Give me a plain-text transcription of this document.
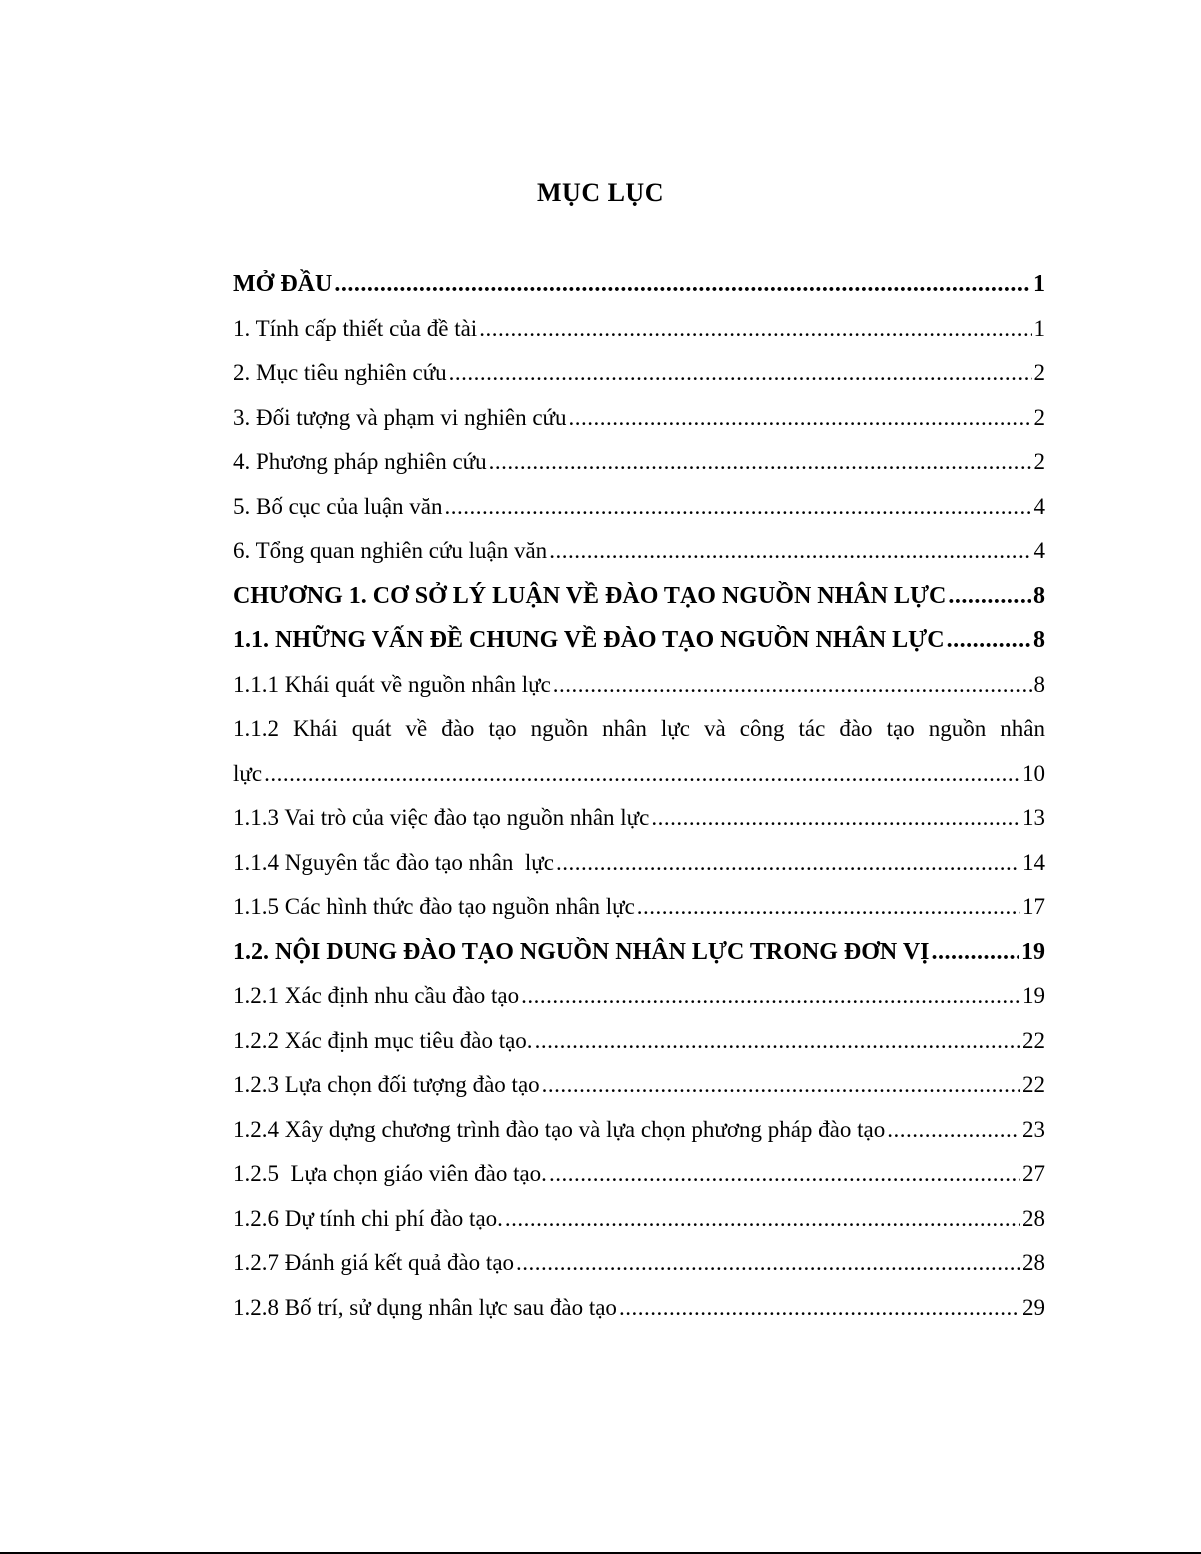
MỤC LỤC
MỞ ĐẦU .....	1
1. Tính cấp thiết của đề tài .....	1
2. Mục tiêu nghiên cứu .....	2
3. Đối tượng và phạm vi nghiên cứu .....	2
4. Phương pháp nghiên cứu .....	2
5. Bố cục của luận văn .....	4
6. Tổng quan nghiên cứu luận văn .....	4
CHƯƠNG 1. CƠ SỞ LÝ LUẬN VỀ ĐÀO TẠO NGUỒN NHÂN LỰC .....	8
1.1. NHỮNG VẤN ĐỀ CHUNG VỀ ĐÀO TẠO NGUỒN NHÂN LỰC .....	8
1.1.1 Khái quát về nguồn nhân lực .....	8
1.1.2 Khái quát về đào tạo nguồn nhân lực và công tác đào tạo nguồn nhân
lực .....	10
1.1.3 Vai trò của việc đào tạo nguồn nhân lực .....	13
1.1.4 Nguyên tắc đào tạo nhân  lực .....	14
1.1.5 Các hình thức đào tạo nguồn nhân lực .....	17
1.2. NỘI DUNG ĐÀO TẠO NGUỒN NHÂN LỰC TRONG ĐƠN VỊ .....	19
1.2.1 Xác định nhu cầu đào tạo .....	19
1.2.2 Xác định mục tiêu đào tạo. .....	22
1.2.3 Lựa chọn đối tượng đào tạo .....	22
1.2.4 Xây dựng chương trình đào tạo và lựa chọn phương pháp đào tạo .....	23
1.2.5  Lựa chọn giáo viên đào tạo. .....	27
1.2.6 Dự tính chi phí đào tạo. .....	28
1.2.7 Đánh giá kết quả đào tạo .....	28
1.2.8 Bố trí, sử dụng nhân lực sau đào tạo .....	29
